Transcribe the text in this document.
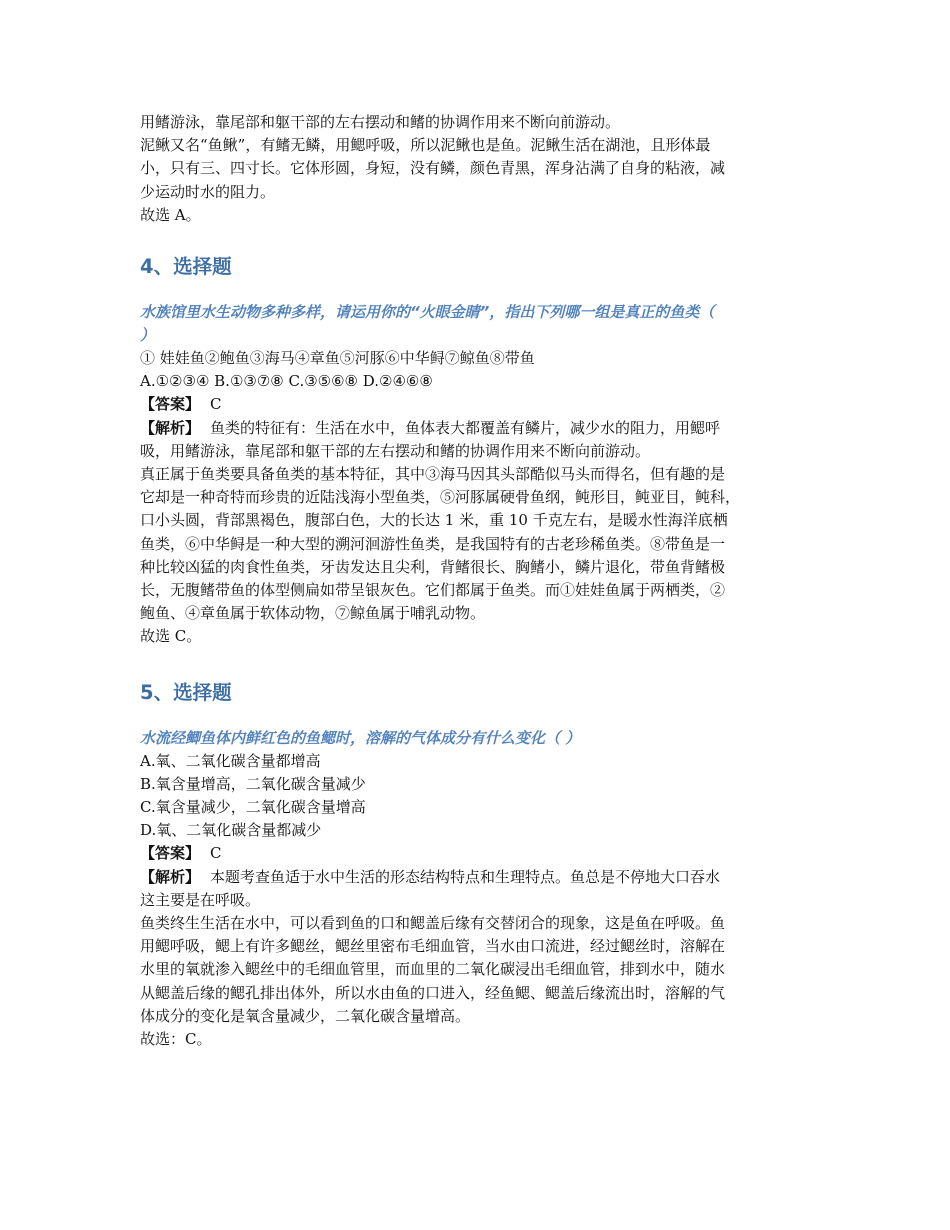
用鳍游泳，靠尾部和躯干部的左右摆动和鳍的协调作用来不断向前游动。

泥鳅又名“鱼鳅”，有鳍无鳞，用鳃呼吸，所以泥鳅也是鱼。泥鳅生活在湖池，且形体最

小，只有三、四寸长。它体形圆，身短，没有鳞，颜色青黑，浑身沾满了自身的粘液，减

少运动时水的阻力。

故选 A。

4、选择题

水族馆里水生动物多种多样，请运用你的“火眼金睛”，指出下列哪一组是真正的鱼类（

）

① 娃娃鱼②鲍鱼③海马④章鱼⑤河豚⑥中华鲟⑦鲸鱼⑧带鱼

A.①②③④ B.①③⑦⑧ C.③⑤⑥⑧ D.②④⑥⑧

【答案】 C

【解析】 鱼类的特征有：生活在水中，鱼体表大都覆盖有鳞片，减少水的阻力，用鳃呼

吸，用鳍游泳，靠尾部和躯干部的左右摆动和鳍的协调作用来不断向前游动。

真正属于鱼类要具备鱼类的基本特征，其中③海马因其头部酷似马头而得名，但有趣的是

它却是一种奇特而珍贵的近陆浅海小型鱼类，⑤河豚属硬骨鱼纲，鲀形目，鲀亚目，鲀科，

口小头圆，背部黑褐色，腹部白色，大的长达 1 米，重 10 千克左右，是暖水性海洋底栖

鱼类，⑥中华鲟是一种大型的溯河洄游性鱼类，是我国特有的古老珍稀鱼类。⑧带鱼是一

种比较凶猛的肉食性鱼类，牙齿发达且尖利，背鳍很长、胸鳍小，鳞片退化，带鱼背鳍极

长，无腹鳍带鱼的体型侧扁如带呈银灰色。它们都属于鱼类。而①娃娃鱼属于两栖类，②

鲍鱼、④章鱼属于软体动物，⑦鲸鱼属于哺乳动物。

故选 C。

5、选择题

水流经鲫鱼体内鲜红色的鱼鳃时，溶解的气体成分有什么变化（ ）

A.氧、二氧化碳含量都增高

B.氧含量增高，二氧化碳含量减少

C.氧含量减少，二氧化碳含量增高

D.氧、二氧化碳含量都减少

【答案】 C

【解析】 本题考查鱼适于水中生活的形态结构特点和生理特点。鱼总是不停地大口吞水

这主要是在呼吸。

鱼类终生生活在水中，可以看到鱼的口和鳃盖后缘有交替闭合的现象，这是鱼在呼吸。鱼

用鳃呼吸，鳃上有许多鳃丝，鳃丝里密布毛细血管，当水由口流进，经过鳃丝时，溶解在

水里的氧就渗入鳃丝中的毛细血管里，而血里的二氧化碳浸出毛细血管，排到水中，随水

从鳃盖后缘的鳃孔排出体外，所以水由鱼的口进入，经鱼鳃、鳃盖后缘流出时，溶解的气

体成分的变化是氧含量减少，二氧化碳含量增高。

故选：C。
